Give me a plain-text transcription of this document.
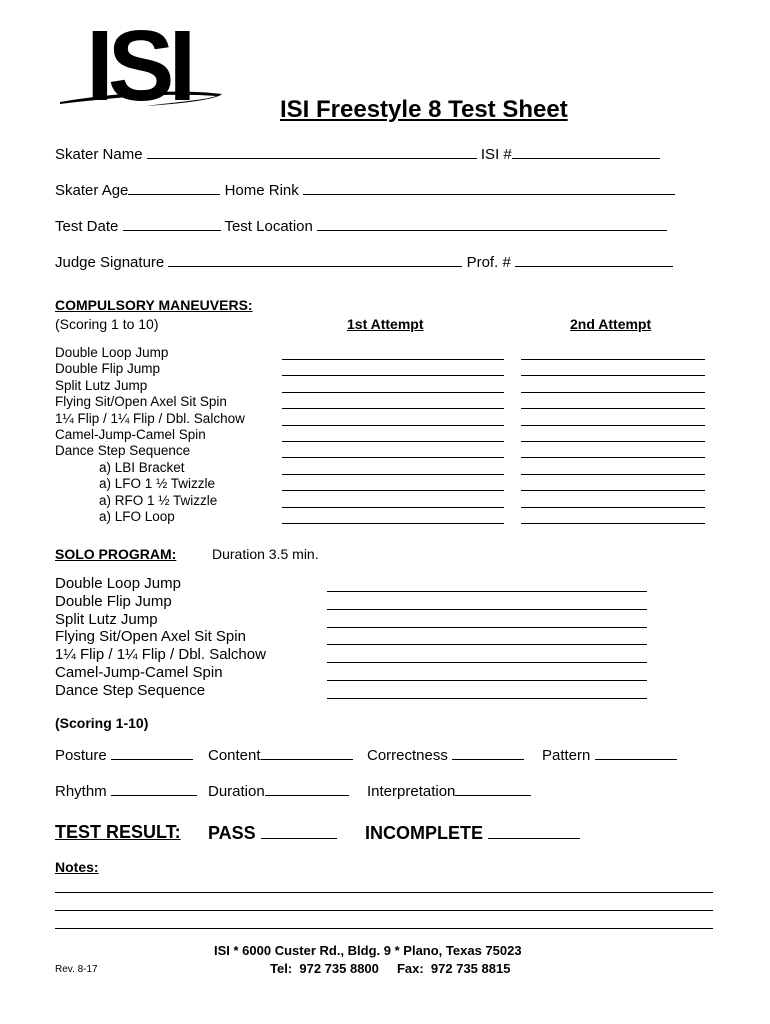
ISI	ISI Freestyle 8 Test Sheet
Skater Name	ISI #
Skater Age	Home Rink
Test Date	Test Location
Judge Signature	Prof. #
COMPULSORY MANEUVERS:
(Scoring 1 to 10)	1st Attempt	2nd Attempt
Double Loop Jump
Double Flip Jump
Split Lutz Jump
Flying Sit/Open Axel Sit Spin
1¼ Flip / 1¼ Flip / Dbl. Salchow
Camel-Jump-Camel Spin
Dance Step Sequence
a) LBI Bracket
a) LFO 1 ½ Twizzle
a) RFO 1 ½ Twizzle
a) LFO Loop
SOLO PROGRAM:	Duration 3.5 min.
Double Loop Jump
Double Flip Jump
Split Lutz Jump
Flying Sit/Open Axel Sit Spin
1¼ Flip / 1¼ Flip / Dbl. Salchow
Camel-Jump-Camel Spin
Dance Step Sequence
(Scoring 1-10)
Posture	Content	Correctness	Pattern
Rhythm	Duration	Interpretation
TEST RESULT: PASS	INCOMPLETE
Notes:
ISI * 6000 Custer Rd., Bldg. 9 * Plano, Texas 75023
Tel:  972 735 8800     Fax:  972 735 8815
Rev. 8-17
